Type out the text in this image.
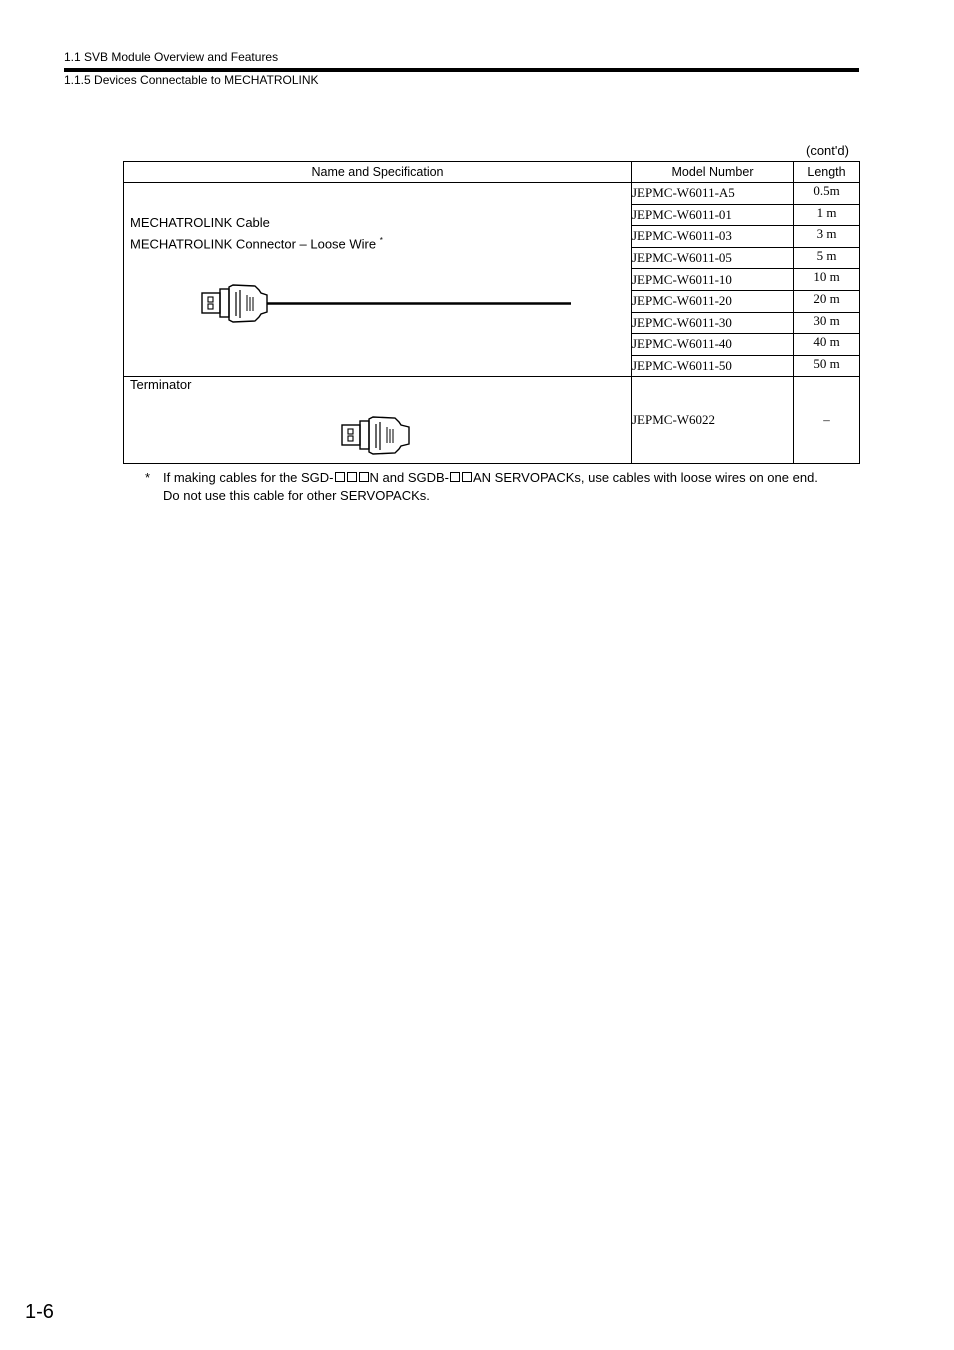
1.1 SVB Module Overview and Features
1.1.5 Devices Connectable to MECHATROLINK
(cont'd)
Name and Specification	Model Number	Length

MECHATROLINK Cable
MECHATROLINK Connector – Loose Wire *	JEPMC-W6011-A5	0.5m
	JEPMC-W6011-01	1 m
	JEPMC-W6011-03	3 m
	JEPMC-W6011-05	5 m
	JEPMC-W6011-10	10 m
	JEPMC-W6011-20	20 m
	JEPMC-W6011-30	30 m
	JEPMC-W6011-40	40 m
	JEPMC-W6011-50	50 m

Terminator	JEPMC-W6022	–
* If making cables for the SGD-	N and SGDB- AN SERVOPACKs, use cables with loose wires on one end.
Do not use this cable for other SERVOPACKs.
1-6
